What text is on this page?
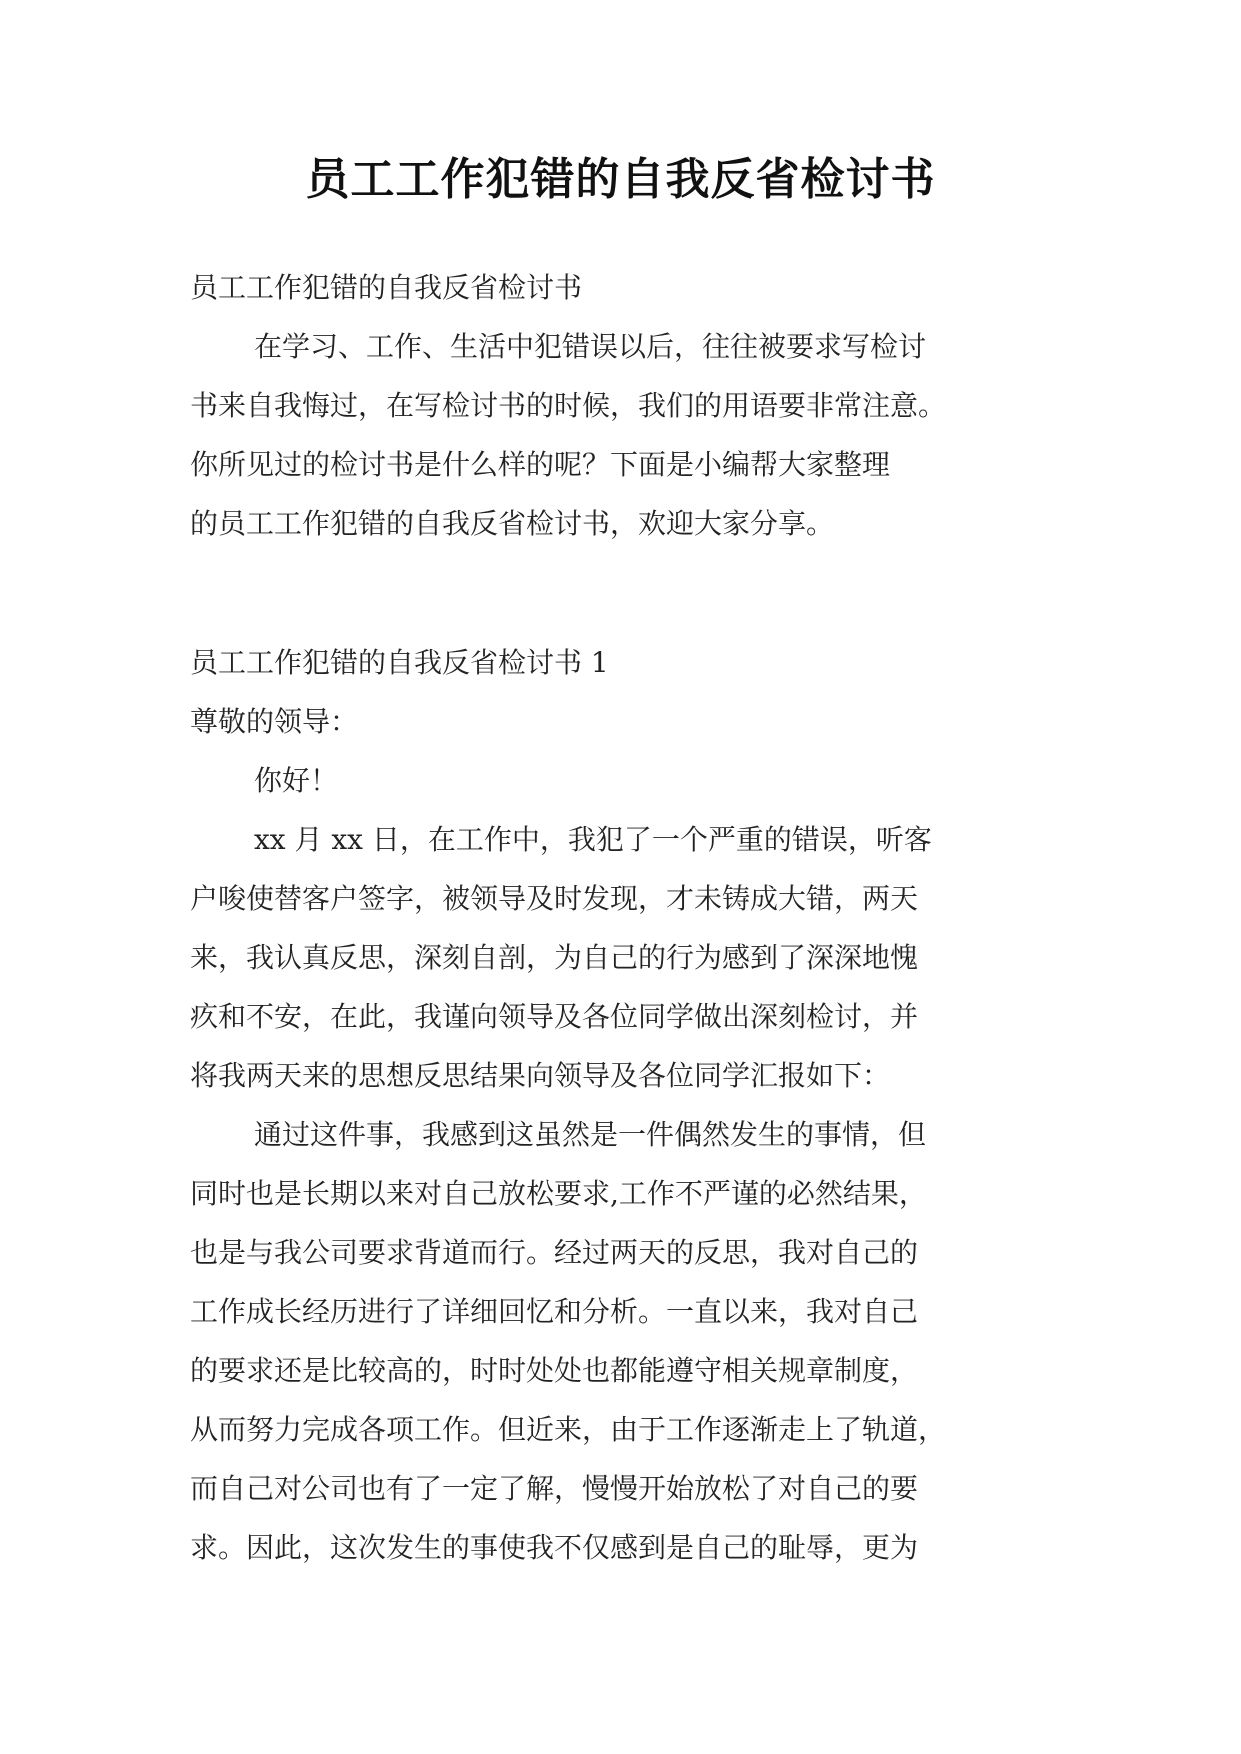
员工工作犯错的自我反省检讨书

员工工作犯错的自我反省检讨书

在学习、工作、生活中犯错误以后，往往被要求写检讨

书来自我悔过，在写检讨书的时候，我们的用语要非常注意。

你所见过的检讨书是什么样的呢？下面是小编帮大家整理

的员工工作犯错的自我反省检讨书，欢迎大家分享。

员工工作犯错的自我反省检讨书 1

尊敬的领导：

你好！

xx 月 xx 日，在工作中，我犯了一个严重的错误，听客

户唆使替客户签字，被领导及时发现，才未铸成大错，两天

来，我认真反思，深刻自剖，为自己的行为感到了深深地愧

疚和不安，在此，我谨向领导及各位同学做出深刻检讨，并

将我两天来的思想反思结果向领导及各位同学汇报如下：

通过这件事，我感到这虽然是一件偶然发生的事情，但

同时也是长期以来对自己放松要求,工作不严谨的必然结果，

也是与我公司要求背道而行。经过两天的反思，我对自己的

工作成长经历进行了详细回忆和分析。一直以来，我对自己

的要求还是比较高的，时时处处也都能遵守相关规章制度，

从而努力完成各项工作。但近来，由于工作逐渐走上了轨道，

而自己对公司也有了一定了解，慢慢开始放松了对自己的要

求。因此，这次发生的事使我不仅感到是自己的耻辱，更为
